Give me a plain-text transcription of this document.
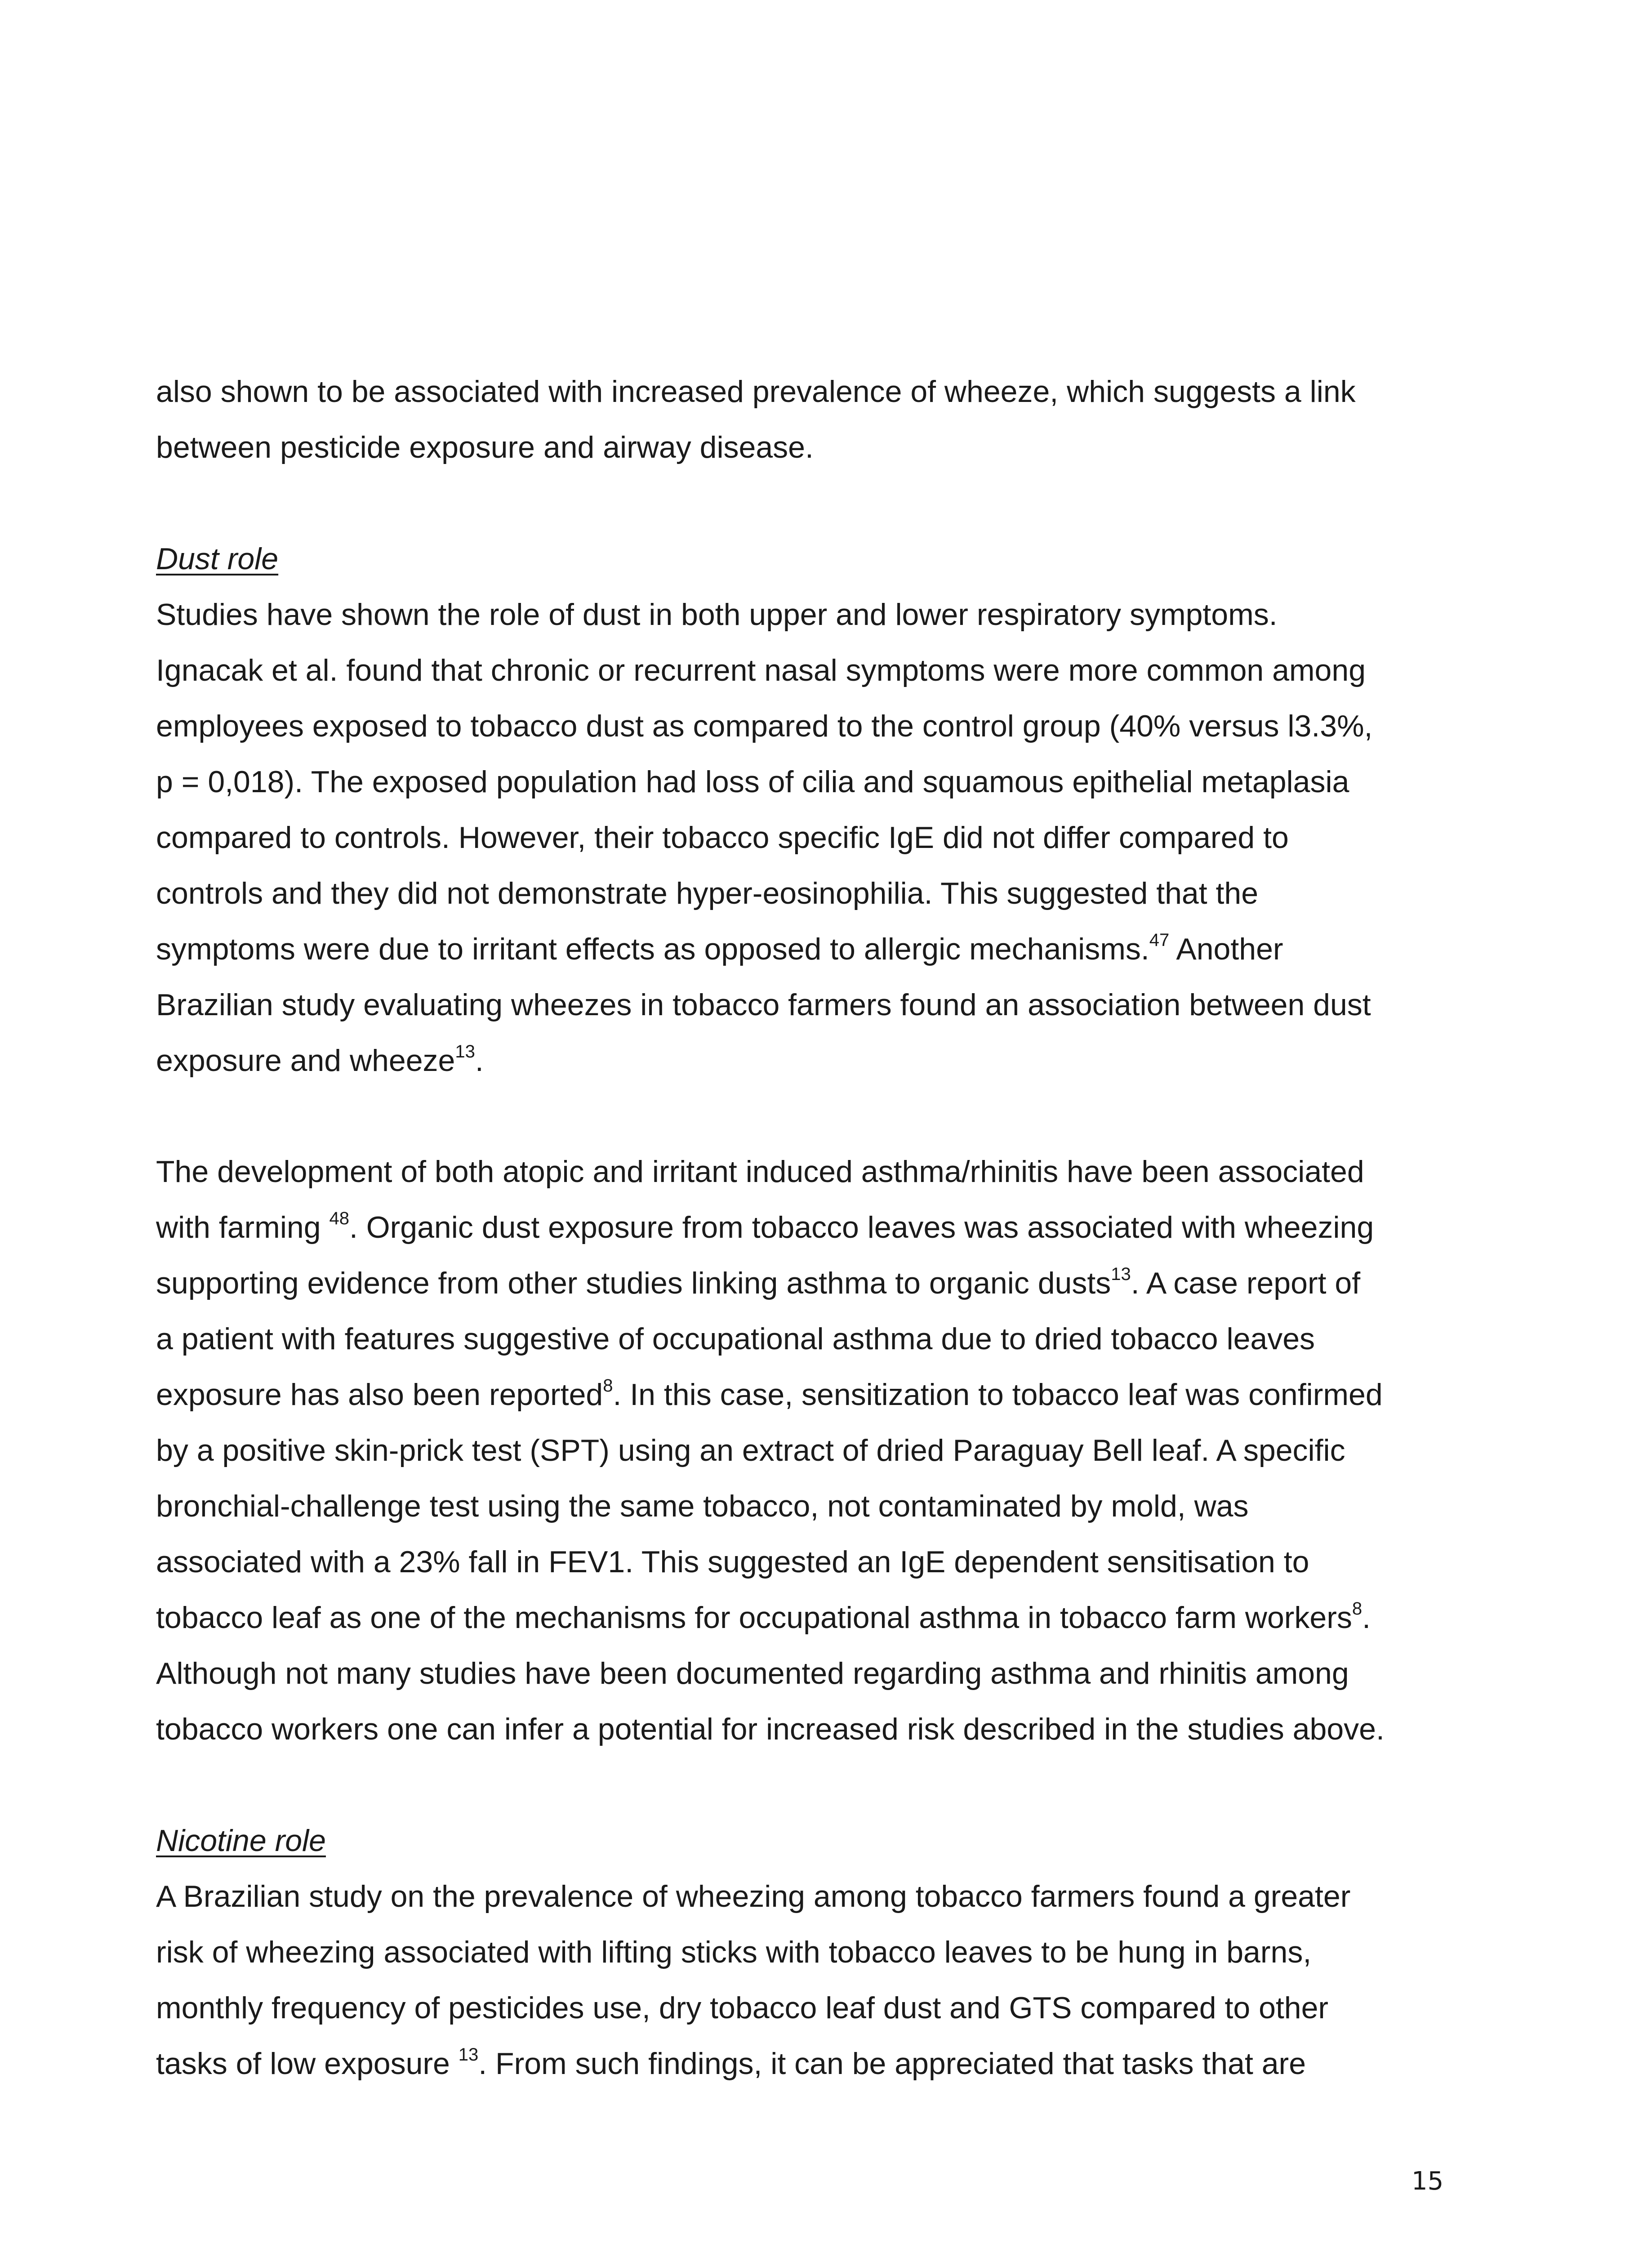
also shown to be associated with increased prevalence of wheeze, which suggests a link
between pesticide exposure and airway disease.
Dust role
Studies have shown the role of dust in both upper and lower respiratory symptoms.
Ignacak et al. found that chronic or recurrent nasal symptoms were more common among
employees exposed to tobacco dust as compared to the control group (40% versus l3.3%,
p = 0,018). The exposed population had loss of cilia and squamous epithelial metaplasia
compared to controls. However, their tobacco specific IgE did not differ compared to
controls and they did not demonstrate hyper-eosinophilia. This suggested that the
symptoms were due to irritant effects as opposed to allergic mechanisms.$^{47}$ Another
Brazilian study evaluating wheezes in tobacco farmers found an association between dust
exposure and wheeze$^{13}$.
The development of both atopic and irritant induced asthma/rhinitis have been associated
with farming $^{48}$. Organic dust exposure from tobacco leaves was associated with wheezing
supporting evidence from other studies linking asthma to organic dusts$^{13}$. A case report of
a patient with features suggestive of occupational asthma due to dried tobacco leaves
exposure has also been reported$^8$. In this case, sensitization to tobacco leaf was confirmed
by a positive skin-prick test (SPT) using an extract of dried Paraguay Bell leaf. A specific
bronchial-challenge test using the same tobacco, not contaminated by mold, was
associated with a 23% fall in FEV1. This suggested an IgE dependent sensitisation to
tobacco leaf as one of the mechanisms for occupational asthma in tobacco farm workers$^8$.
Although not many studies have been documented regarding asthma and rhinitis among
tobacco workers one can infer a potential for increased risk described in the studies above.
Nicotine role
A Brazilian study on the prevalence of wheezing among tobacco farmers found a greater
risk of wheezing associated with lifting sticks with tobacco leaves to be hung in barns,
monthly frequency of pesticides use, dry tobacco leaf dust and GTS compared to other
tasks of low exposure $^{13}$. From such findings, it can be appreciated that tasks that are
15
